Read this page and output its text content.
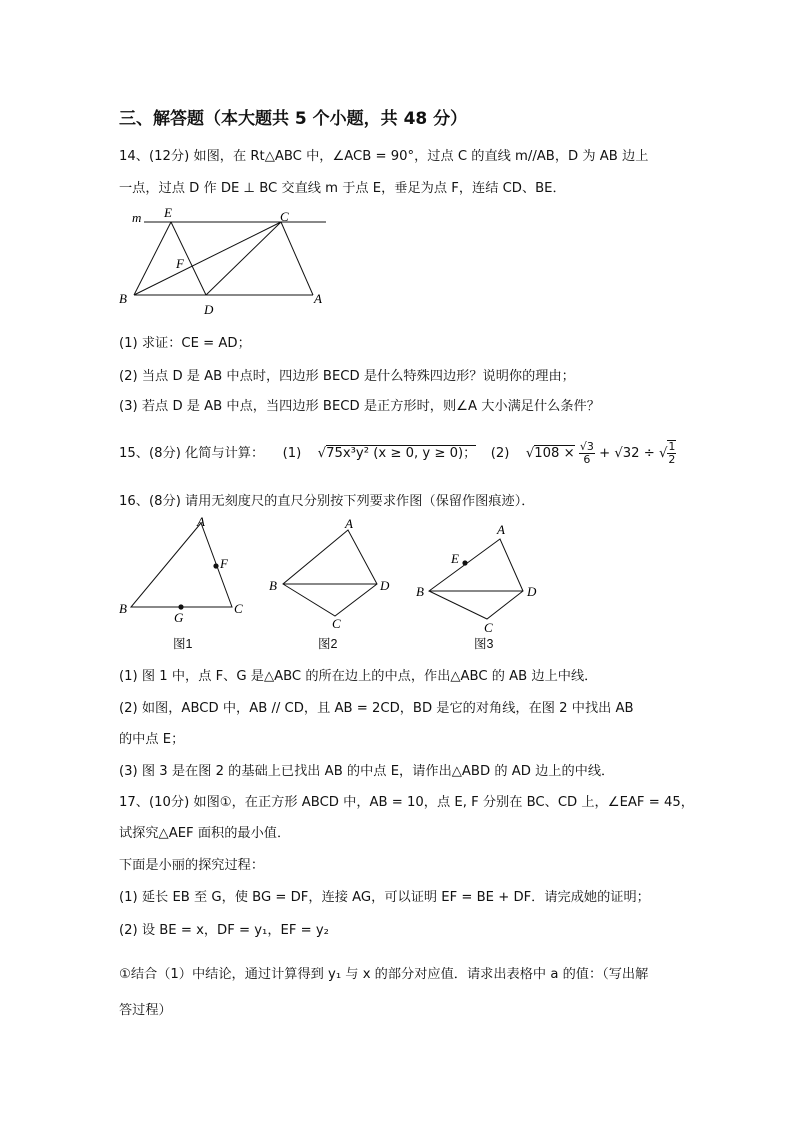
三、解答题（本大题共 5 个小题，共 48 分）
14、(12分) 如图，在 Rt△ABC 中，∠ACB = 90°，过点 C 的直线 m//AB，D 为 AB 边上
一点，过点 D 作 DE ⊥ BC 交直线 m 于点 E，垂足为点 F，连结 CD、BE．
m E	C
F
B
D
A
(1) 求证：CE = AD；
(2) 当点 D 是 AB 中点时，四边形 BECD 是什么特殊四边形？说明你的理由；
(3) 若点 D 是 AB 中点，当四边形 BECD 是正方形时，则∠A 大小满足什么条件？
15、(8分) 化简与计算： (1) √75x³y² (x ≥ 0, y ≥ 0)； (2) $√108 \times \frac{√3}{6} + √32$ ÷ √ $\frac{1}{2}$
16、(8分) 请用无刻度尺的直尺分别按下列要求作图（保留作图痕迹）．
A
F
B
G
C
A
B	D
C
A
E
B	D
C
图1	图2	图3
(1) 图 1 中，点 F、G 是△ABC 的所在边上的中点，作出△ABC 的 AB 边上中线．
(2) 如图，ABCD 中，AB // CD，且 AB = 2CD，BD 是它的对角线，在图 2 中找出 AB
的中点 E；
(3) 图 3 是在图 2 的基础上已找出 AB 的中点 E，请作出△ABD 的 AD 边上的中线．
17、(10分) 如图①，在正方形 ABCD 中，AB = 10，点 E, F 分别在 BC、CD 上，∠EAF = 45，
试探究△AEF 面积的最小值．
下面是小丽的探究过程：
(1) 延长 EB 至 G，使 BG = DF，连接 AG，可以证明 EF = BE + DF．请完成她的证明；
(2) 设 BE = x，DF = y₁，EF = y₂
①结合（1）中结论，通过计算得到 y₁ 与 x 的部分对应值．请求出表格中 a 的值：（写出解
答过程）
